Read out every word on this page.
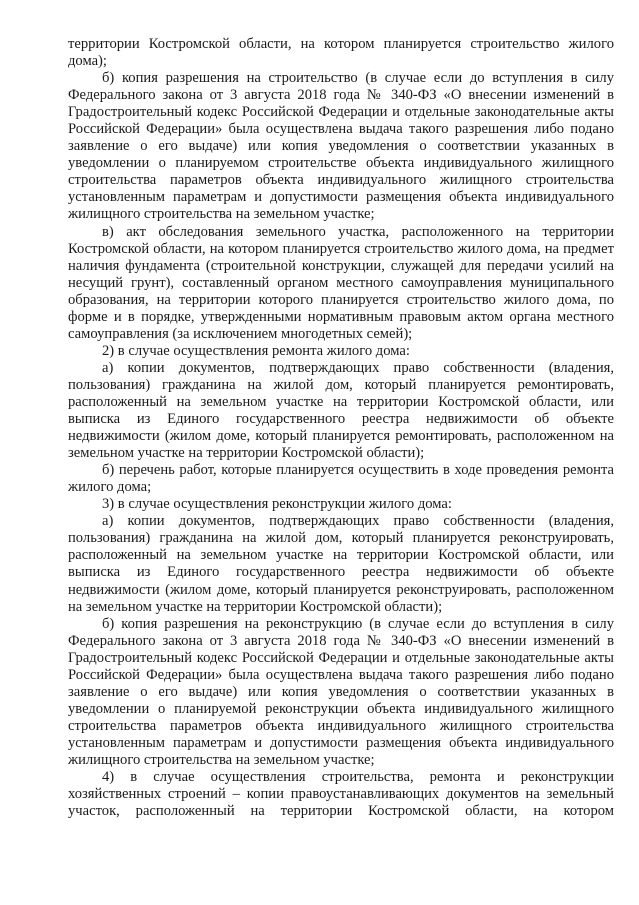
территории Костромской области, на котором планируется строительство жилого дома);

б) копия разрешения на строительство (в случае если до вступления в силу Федерального закона от 3 августа 2018 года № 340-ФЗ «О внесении изменений в Градостроительный кодекс Российской Федерации и отдельные законодательные акты Российской Федерации» была осуществлена выдача такого разрешения либо подано заявление о его выдаче) или копия уведомления о соответствии указанных в уведомлении о планируемом строительстве объекта индивидуального жилищного строительства параметров объекта индивидуального жилищного строительства установленным параметрам и допустимости размещения объекта индивидуального жилищного строительства на земельном участке;

в) акт обследования земельного участка, расположенного на территории Костромской области, на котором планируется строительство жилого дома, на предмет наличия фундамента (строительной конструкции, служащей для передачи усилий на несущий грунт), составленный органом местного самоуправления муниципального образования, на территории которого планируется строительство жилого дома, по форме и в порядке, утвержденными нормативным правовым актом органа местного самоуправления (за исключением многодетных семей);

2) в случае осуществления ремонта жилого дома:

а) копии документов, подтверждающих право собственности (владения, пользования) гражданина на жилой дом, который планируется ремонтировать, расположенный на земельном участке на территории Костромской области, или выписка из Единого государственного реестра недвижимости об объекте недвижимости (жилом доме, который планируется ремонтировать, расположенном на земельном участке на территории Костромской области);

б) перечень работ, которые планируется осуществить в ходе проведения ремонта жилого дома;

3) в случае осуществления реконструкции жилого дома:

а) копии документов, подтверждающих право собственности (владения, пользования) гражданина на жилой дом, который планируется реконструировать, расположенный на земельном участке на территории Костромской области, или выписка из Единого государственного реестра недвижимости об объекте недвижимости (жилом доме, который планируется реконструировать, расположенном на земельном участке на территории Костромской области);

б) копия разрешения на реконструкцию (в случае если до вступления в силу Федерального закона от 3 августа 2018 года № 340-ФЗ «О внесении изменений в Градостроительный кодекс Российской Федерации и отдельные законодательные акты Российской Федерации» была осуществлена выдача такого разрешения либо подано заявление о его выдаче) или копия уведомления о соответствии указанных в уведомлении о планируемой реконструкции объекта индивидуального жилищного строительства параметров объекта индивидуального жилищного строительства установленным параметрам и допустимости размещения объекта индивидуального жилищного строительства на земельном участке;

4) в случае осуществления строительства, ремонта и реконструкции хозяйственных строений – копии правоустанавливающих документов на земельный участок, расположенный на территории Костромской области, на котором
